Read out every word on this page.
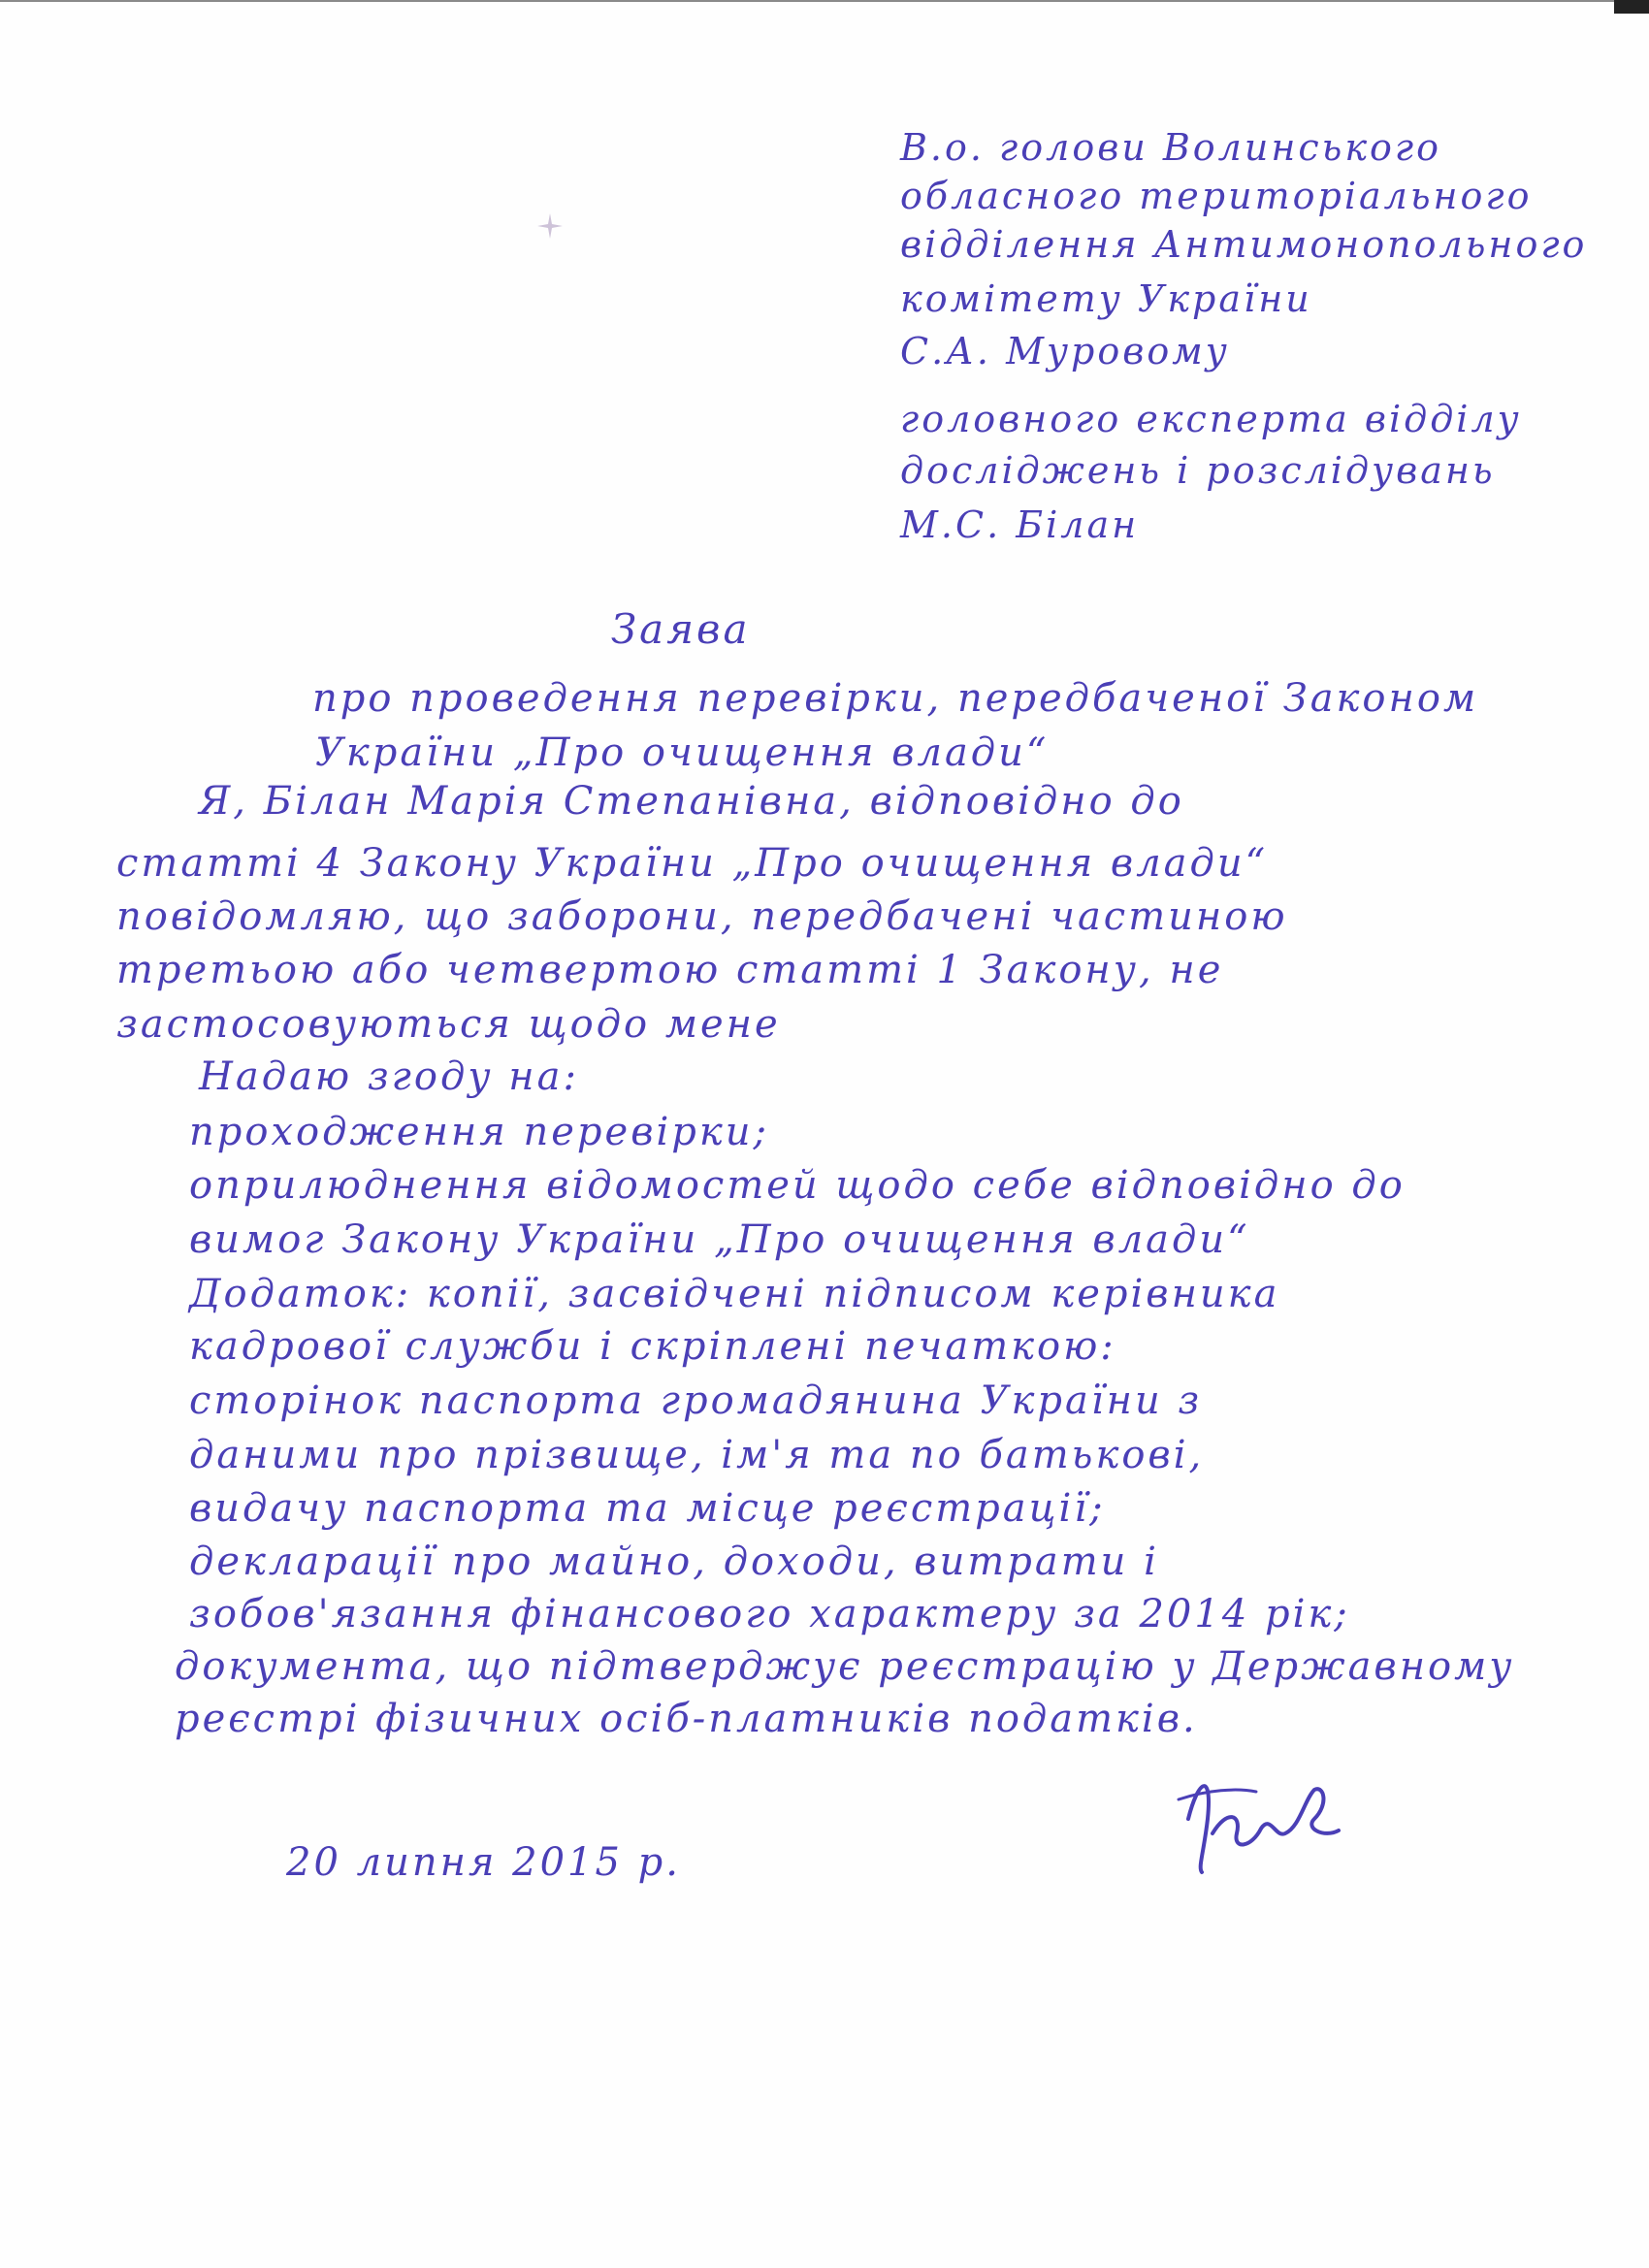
В.о. голови Волинського

обласного територіального

відділення Антимонопольного

комітету України

С.А. Муровому

головного експерта відділу

досліджень і розслідувань

М.С. Білан

Заява

про проведення перевірки, передбаченої Законом

України „Про очищення влади“

Я, Білан Марія Степанівна, відповідно до

статті 4 Закону України „Про очищення влади“

повідомляю, що заборони, передбачені частиною

третьою або четвертою статті 1 Закону, не

застосовуються щодо мене

Надаю згоду на:

проходження перевірки;

оприлюднення відомостей щодо себе відповідно до

вимог Закону України „Про очищення влади“

Додаток: копії, засвідчені підписом керівника

кадрової служби і скріплені печаткою:

сторінок паспорта громадянина України з

даними про прізвище, ім'я та по батькові,

видачу паспорта та місце реєстрації;

декларації про майно, доходи, витрати і

зобов'язання фінансового характеру за 2014 рік;

документа, що підтверджує реєстрацію у Державному

реєстрі фізичних осіб-платників податків.

20 липня 2015 р.
